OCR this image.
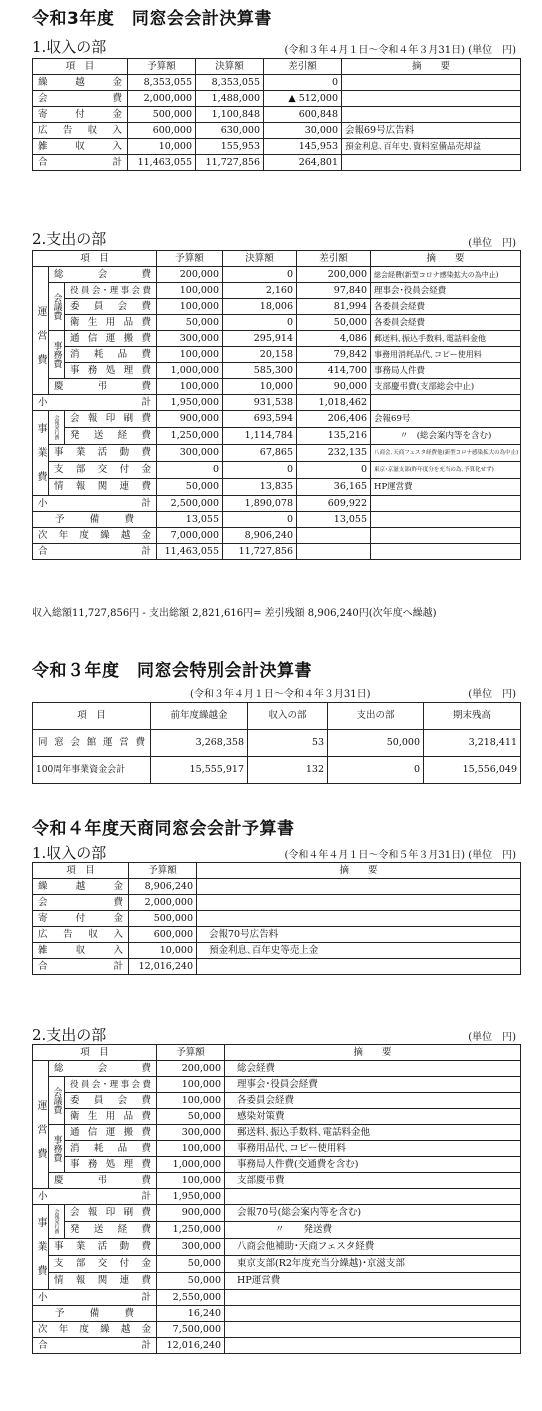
令和3年度　同窓会会計決算書
1.収入の部	(令和３年４月１日～令和４年３月31日) (単位　円)
項　目	予算額	決算額	差引額	摘　　要
繰越金	8,353,055	8,353,055	0	
会費	2,000,000	1,488,000	▲ 512,000	
寄付金	500,000	1,100,848	600,848	
広告収入	600,000	630,000	30,000	会報69号広告料
雑収入	10,000	155,953	145,953	預金利息､百年史､資料室備品売却益
合計	11,463,055	11,727,856	264,801	
2.支出の部	(単位　円)
項　目			予算額	決算額	差引額	摘　　要

運営費	総会費		200,000	0	200,000	総会経費(新型コロナ感染拡大の為中止)

	会議費	役員会･理事会費	100,000	2,160	97,840	理事会･役員会経費
		委員会費	100,000	18,006	81,994	各委員会経費
		衛生用品費	50,000	0	50,000	各委員会経費

	事務費	通信運搬費	300,000	295,914	4,086	郵送料､振込手数料､電話料金他
		消耗品費	100,000	20,158	79,842	事務用消耗品代､コピー使用料
		事務処理費	1,000,000	585,300	414,700	事務局人件費
	慶弔費		100,000	10,000	90,000	支部慶弔費(支部総会中止)
小計			1,950,000	931,538	1,018,462	

事業費	会報発行費	会報印刷費	900,000	693,594	206,406	会報69号
		発送経費	1,250,000	1,114,784	135,216	〃　(総会案内等を含む)
	事業活動費		300,000	67,865	232,135	八商会､天商フェスタ経費他(新型コロナ感染拡大の為中止)
	支部交付金		0	0	0	東京･京滋支部(昨年度分を充当の為､予算化せず)
	情報関連費		50,000	13,835	36,165	HP運営費
小計			2,500,000	1,890,078	609,922	
予備費			13,055	0	13,055	
次年度繰越金			7,000,000	8,906,240		
合計			11,463,055	11,727,856		
収入総額11,727,856円 - 支出総額 2,821,616円= 差引残額 8,906,240円(次年度へ繰越)
令和３年度　同窓会特別会計決算書
(令和３年４月１日～令和４年３月31日)	(単位　円)
項　目	前年度繰越金	収入の部	支出の部	期末残高
同窓会館運営費	3,268,358	53	50,000	3,218,411
100周年事業資金会計	15,555,917	132	0	15,556,049
令和４年度天商同窓会会計予算書
1.収入の部	(令和４年４月１日～令和５年３月31日) (単位　円)
項　目	予算額	摘　　要
繰越金	8,906,240	
会費	2,000,000	
寄付金	500,000	
広告収入	600,000	会報70号広告料
雑収入	10,000	預金利息､百年史等売上金
合計	12,016,240	
2.支出の部	(単位　円)
項　目			予算額	摘　　要

運営費	総会費		200,000	総会経費

	会議費	役員会･理事会費	100,000	理事会･役員会経費
		委員会費	100,000	各委員会経費
		衛生用品費	50,000	感染対策費

	事務費	通信運搬費	300,000	郵送料､振込手数料､電話料金他
		消耗品費	100,000	事務用品代､コピー使用料
		事務処理費	1,000,000	事務局人件費(交通費を含む)
	慶弔費		100,000	支部慶弔費
小計			1,950,000	

事業費	会報発行費	会報印刷費	900,000	会報70号(総会案内等を含む)
		発送経費	1,250,000	〃　　発送費
	事業活動費		300,000	八商会他補助･天商フェスタ経費
	支部交付金		50,000	東京支部(R2年度充当分繰越)･京滋支部
	情報関連費		50,000	HP運営費
小計			2,550,000	
予備費			16,240	
次年度繰越金			7,500,000	
合計			12,016,240	
